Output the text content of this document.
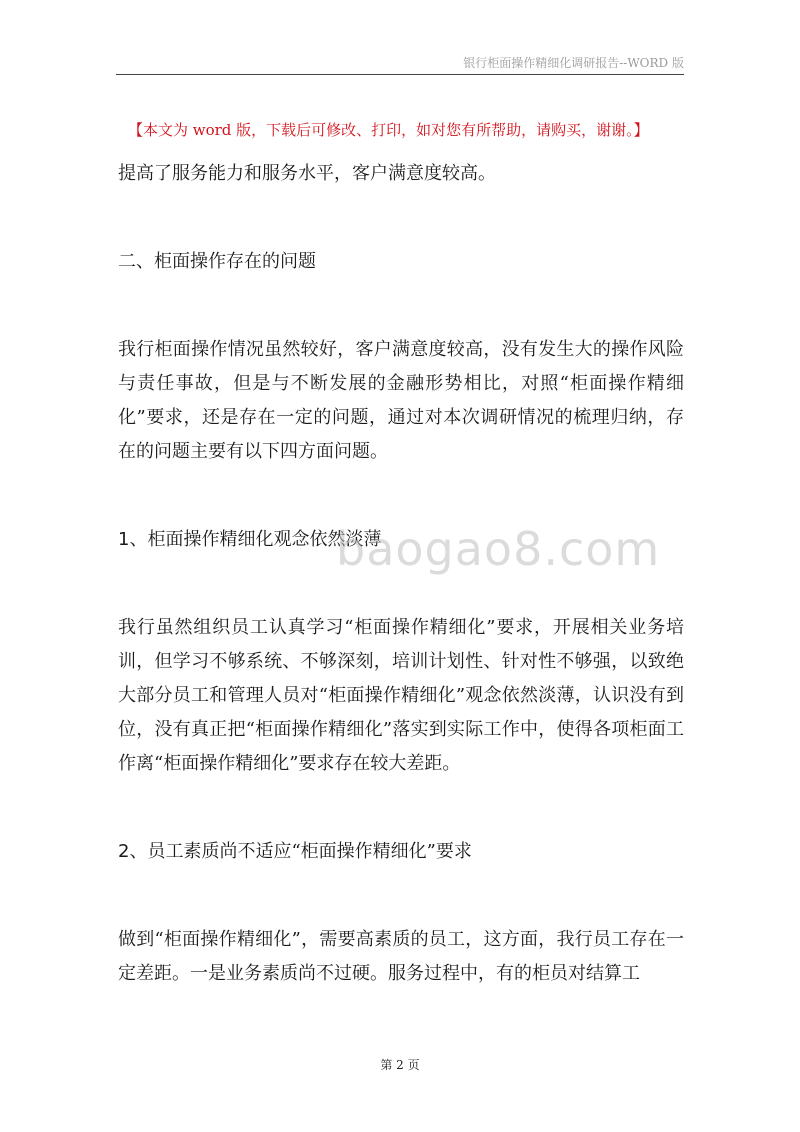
银行柜面操作精细化调研报告--WORD 版
【本文为 word 版，下载后可修改、打印，如对您有所帮助，请购买，谢谢。】

提高了服务能力和服务水平，客户满意度较高。

二、柜面操作存在的问题

我行柜面操作情况虽然较好，客户满意度较高，没有发生大的操作风险与责任事故，但是与不断发展的金融形势相比，对照“柜面操作精细化”要求，还是存在一定的问题，通过对本次调研情况的梳理归纳，存在的问题主要有以下四方面问题。

1、柜面操作精细化观念依然淡薄

我行虽然组织员工认真学习“柜面操作精细化”要求，开展相关业务培训，但学习不够系统、不够深刻，培训计划性、针对性不够强，以致绝大部分员工和管理人员对“柜面操作精细化”观念依然淡薄，认识没有到位，没有真正把“柜面操作精细化”落实到实际工作中，使得各项柜面工作离“柜面操作精细化”要求存在较大差距。

2、员工素质尚不适应“柜面操作精细化”要求

做到“柜面操作精细化”，需要高素质的员工，这方面，我行员工存在一定差距。一是业务素质尚不过硬。服务过程中，有的柜员对结算工

baogao8.com
第 2 页
